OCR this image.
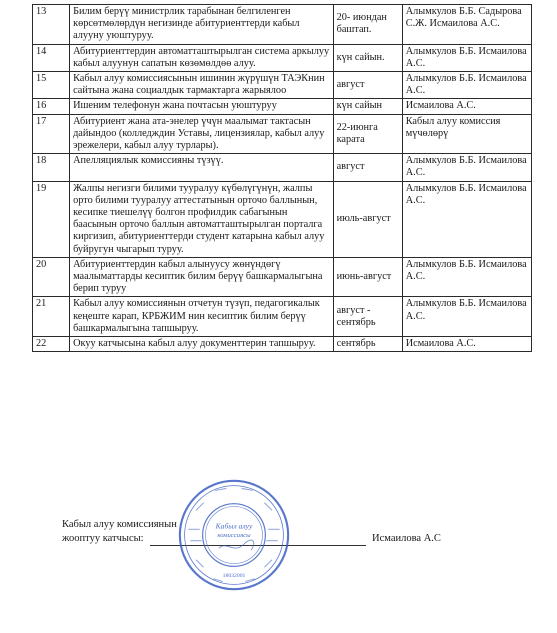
13	Билим берүү министрлик тарабынан белгиленген көрсөтмөлөрдүн негизинде абитуриенттерди кабыл алууну уюштуруу.	20- июндан баштап.	Алымкулов Б.Б. Садырова С.Ж. Исмаилова А.С.
14	Абитуриенттердин автоматташтырылган система аркылуу кабыл алуунун сапатын көзөмөлдөө алуу.	күн сайын.	Алымкулов Б.Б. Исмаилова А.С.
15	Кабыл алуу комиссиясынын ишинин жүрүшүн ТАЭКнин сайтына жана социалдык тармактарга жарыялоо	август	Алымкулов Б.Б. Исмаилова А.С.
16	Ишеним телефонун жана почтасын уюштуруу	күн сайын	Исмаилова А.С.
17	Абитуриент жана ата-энелер үчүн маалымат тактасын дайындоо (колледждин Уставы, лицензиялар, кабыл алуу эрежелери, кабыл алуу турлары).	22-июнга карата	Кабыл алуу комиссия мүчөлөрү
18	Апелляциялык комиссияны түзүү.	август	Алымкулов Б.Б. Исмаилова А.С.
19	Жалпы негизги билими тууралуу күбөлүгүнүн, жалпы орто билими тууралуу аттестатынын орточо баллынын, кесипке тиешелүү болгон профилдик сабагынын баасынын орточо баллын автоматташтырылган порталга киргизип, абитуриенттерди студент катарына кабыл алуу буйругун чыгарып туруу.	июль-август	Алымкулов Б.Б. Исмаилова А.С.
20	Абитуриенттердин кабыл алынуусу жөнүндөгү маалыматтарды кесиптик билим берүү башкармалыгына берип туруу	июнь-август	Алымкулов Б.Б. Исмаилова А.С.
21	Кабыл алуу комиссиянын отчетун түзүп, педагогикалык кеңеште карап, КРБЖИМ нин кесиптик билим берүү башкармалыгына тапшыруу.	август - сентябрь	Алымкулов Б.Б. Исмаилова А.С.
22	Окуу катчысына кабыл алуу документтерин тапшыруу.	сентябрь	Исмаилова А.С.
Кабыл алуу комиссиянын
жооптуу катчысы:	Исмаилова А.С
Кабыл алуу
комиссиясы
18032001
